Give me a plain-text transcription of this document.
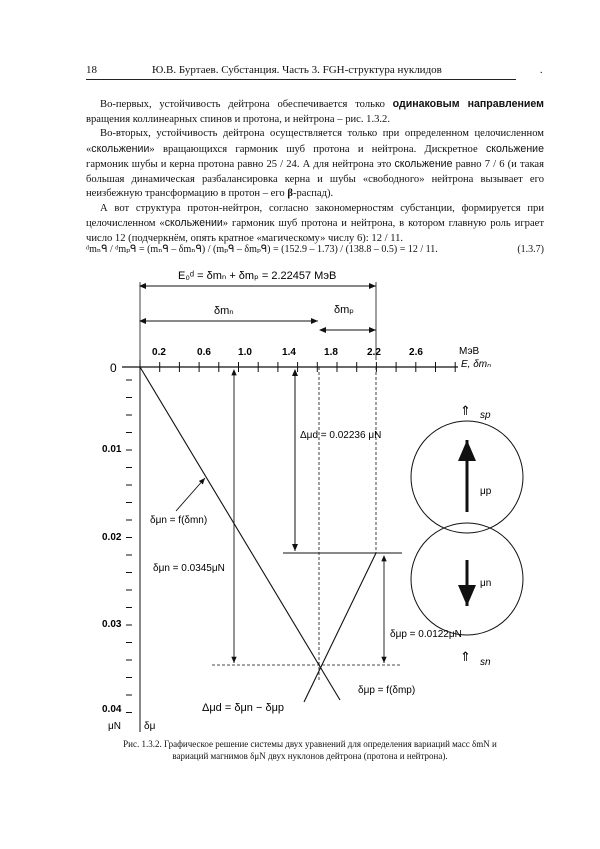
18	Ю.В. Буртаев. Субстанция. Часть 3. FGH-структура нуклидов	.

Во-первых, устойчивость дейтрона обеспечивается только одинаковым направлением вращения коллинеарных спинов и протона, и нейтрона – рис. 1.3.2.

Во-вторых, устойчивость дейтрона осуществляется только при определенном целочисленном «скольжении» вращающихся гармоник шуб протона и нейтрона. Дискретное скольжение гармоник шубы и керна протона равно 25 / 24. А для нейтрона это скольжение равно 7 / 6 (и такая большая динамическая разбалансировка керна и шубы «свободного» нейтрона вызывает его неизбежную трансформацию в протон – его β-распад).

А вот структура протон-нейтрон, согласно закономерностям субстанции, формируется при целочисленном «скольжении» гармоник шуб протона и нейтрона, в котором главную роль играет число 12 (подчеркнём, опять кратное «магическому» числу 6): 12 / 11.

ᵈmₙᑫ / ᵈmₚᑫ = (mₙᑫ – δmₙᑫ) / (mₚᑫ – δmₚᑫ) = (152.9 – 1.73) / (138.8 – 0.5) = 12 / 11.	(1.3.7)
E₀ᵈ = δmₙ + δmₚ = 2.22457 МэВ
δmₙ	δmₚ
0.2	0.6	1.0	1.4	1.8	2.2	2.6	МэВ
E, δmₙ
0
0.01
0.02
0.03
0.04
μN δμ
Δμd = 0.02236 μN
δμn = f(δmn)
δμn = 0.0345μN
δμp = 0.0122μN
δμp = f(δmp)
Δμd = δμn − δμp
μp
⇑ sp
μn
⇑ sn
Рис. 1.3.2. Графическое решение системы двух уравнений для определения вариаций масс δmN и
вариаций магнимов δμN двух нуклонов дейтрона (протона и нейтрона).
